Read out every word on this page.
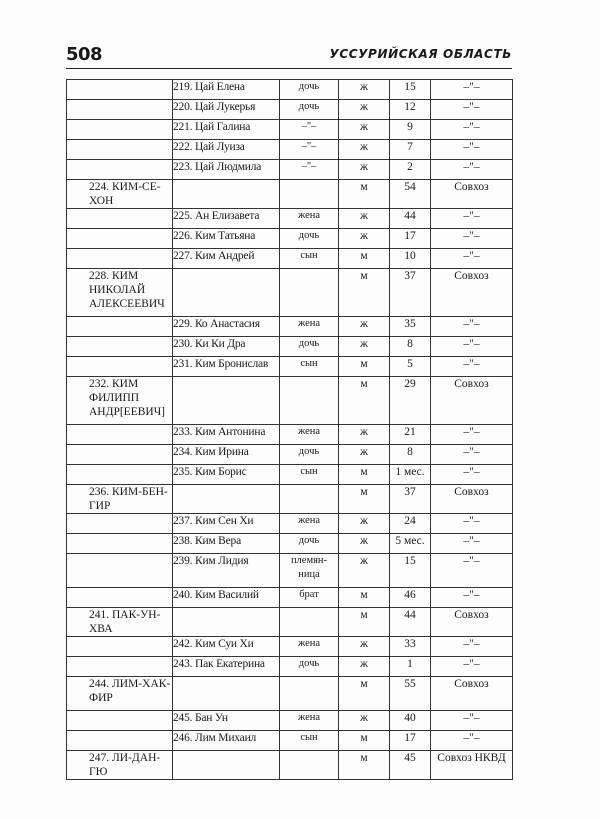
508	УССУРИЙСКАЯ ОБЛАСТЬ
	219. Цай Елена	дочь	ж	15	–"–
	220. Цай Лукерья	дочь	ж	12	–"–
	221. Цай Галина	–"–	ж	9	–"–
	222. Цай Луиза	–"–	ж	7	–"–
	223. Цай Людмила	–"–	ж	2	–"–

224. КИМ-СЕ-ХОН			м	54	Совхоз
	225. Ан Елизавета	жена	ж	44	–"–
	226. Ким Татьяна	дочь	ж	17	–"–
	227. Ким Андрей	сын	м	10	–"–

228. КИМ
НИКОЛАЙ
АЛЕКСЕЕВИЧ			м	37	Совхоз
	229. Ко Анастасия	жена	ж	35	–"–
	230. Ки Ки Дра	дочь	ж	8	–"–
	231. Ким Бронислав	сын	м	5	–"–

232. КИМ
ФИЛИПП
АНДР[ЕЕВИЧ]			м	29	Совхоз
	233. Ким Антонина	жена	ж	21	–"–
	234. Ким Ирина	дочь	ж	8	–"–
	235. Ким Борис	сын	м	1 мес.	–"–

236. КИМ-БЕН-ГИР			м	37	Совхоз
	237. Ким Сен Хи	жена	ж	24	–"–
	238. Ким Вера	дочь	ж	5 мес.	–"–
	239. Ким Лидия	племян-
ница	ж	15	–"–
	240. Ким Василий	брат	м	46	–"–

241. ПАК-УН-ХВА			м	44	Совхоз
	242. Ким Суи Хи	жена	ж	33	–"–
	243. Пак Екатерина	дочь	ж	1	–"–

244. ЛИМ-ХАК-
ФИР			м	55	Совхоз
	245. Бан Ун	жена	ж	40	–"–
	246. Лим Михаил	сын	м	17	–"–

247. ЛИ-ДАН-ГЮ			м	45	Совхоз НКВД
